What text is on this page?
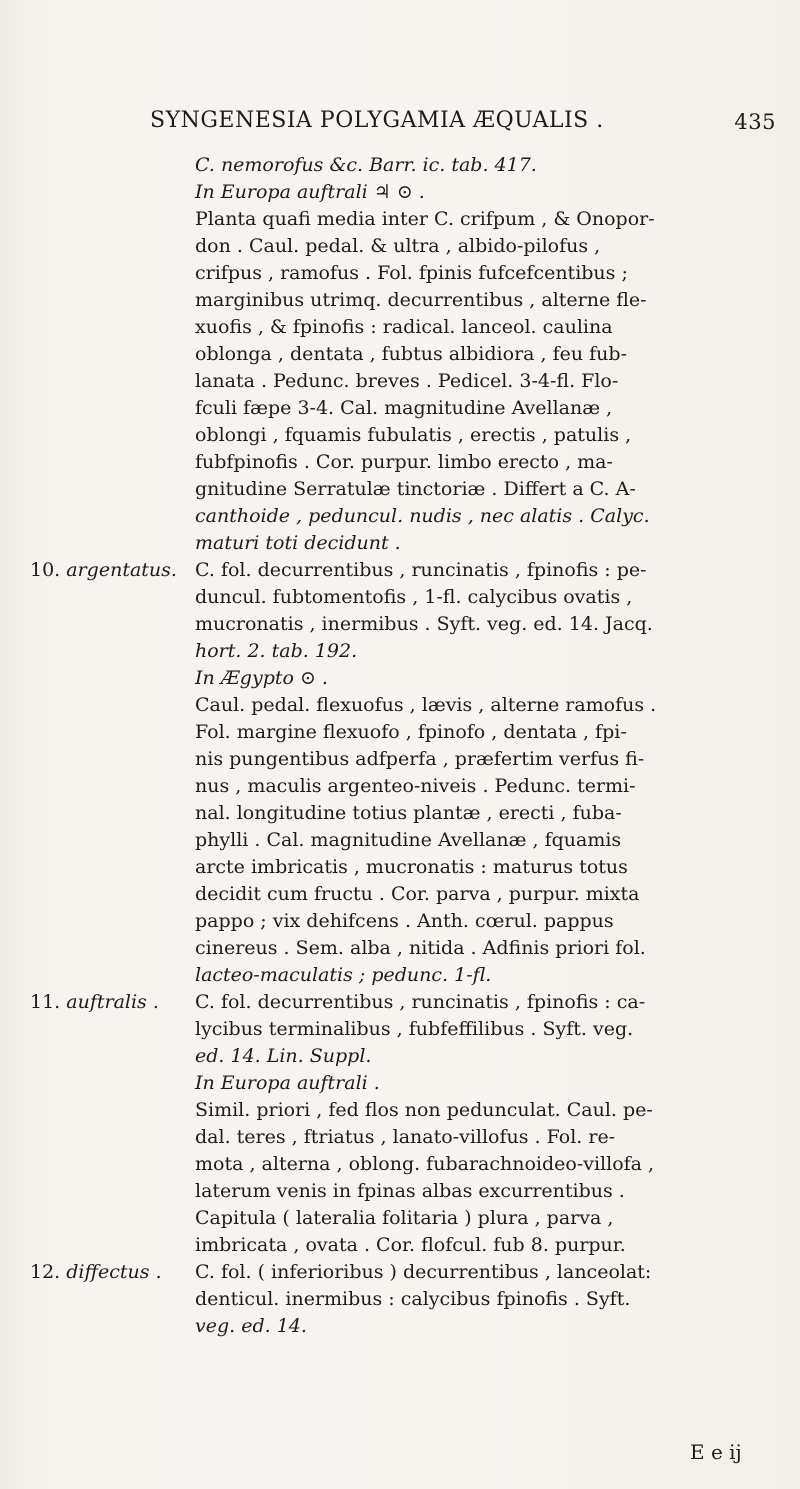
SYNGENESIA POLYGAMIA ÆQUALIS .	435
C. nemorofus &c. Barr. ic. tab. 417.
In Europa auftrali ♃ ⊙ .
Planta quafi media inter C. crifpum , & Onopor-
don . Caul. pedal. & ultra , albido-pilofus ,
crifpus , ramofus . Fol. fpinis fufcefcentibus ;
marginibus utrimq. decurrentibus , alterne fle-
xuofis , & fpinofis : radical. lanceol. caulina
oblonga , dentata , fubtus albidiora , feu fub-
lanata . Pedunc. breves . Pedicel. 3-4-fl. Flo-
fculi fæpe 3-4. Cal. magnitudine Avellanæ ,
oblongi , fquamis fubulatis , erectis , patulis ,
fubfpinofis . Cor. purpur. limbo erecto , ma-
gnitudine Serratulæ tinctoriæ . Differt a C. A-
canthoide , peduncul. nudis , nec alatis . Calyc.
maturi toti decidunt .
10. argentatus. C. fol. decurrentibus , runcinatis , fpinofis : pe-
duncul. fubtomentofis , 1-fl. calycibus ovatis ,
mucronatis , inermibus . Syft. veg. ed. 14. Jacq.
hort. 2. tab. 192.
In Ægypto ⊙ .
Caul. pedal. flexuofus , lævis , alterne ramofus .
Fol. margine flexuofo , fpinofo , dentata , fpi-
nis pungentibus adfperfa , præfertim verfus fi-
nus , maculis argenteo-niveis . Pedunc. termi-
nal. longitudine totius plantæ , erecti , fuba-
phylli . Cal. magnitudine Avellanæ , fquamis
arcte imbricatis , mucronatis : maturus totus
decidit cum fructu . Cor. parva , purpur. mixta
pappo ; vix dehifcens . Anth. cœrul. pappus
cinereus . Sem. alba , nitida . Adfinis priori fol.
lacteo-maculatis ; pedunc. 1-fl.
11. auftralis . C. fol. decurrentibus , runcinatis , fpinofis : ca-
lycibus terminalibus , fubfeffilibus . Syft. veg.
ed. 14. Lin. Suppl.
In Europa auftrali .
Simil. priori , fed flos non pedunculat. Caul. pe-
dal. teres , ftriatus , lanato-villofus . Fol. re-
mota , alterna , oblong. fubarachnoideo-villofa ,
laterum venis in fpinas albas excurrentibus .
Capitula ( lateralia folitaria ) plura , parva ,
imbricata , ovata . Cor. flofcul. fub 8. purpur.
12. diffectus . C. fol. ( inferioribus ) decurrentibus , lanceolat:
denticul. inermibus : calycibus fpinofis . Syft.
veg. ed. 14.
E e ij
